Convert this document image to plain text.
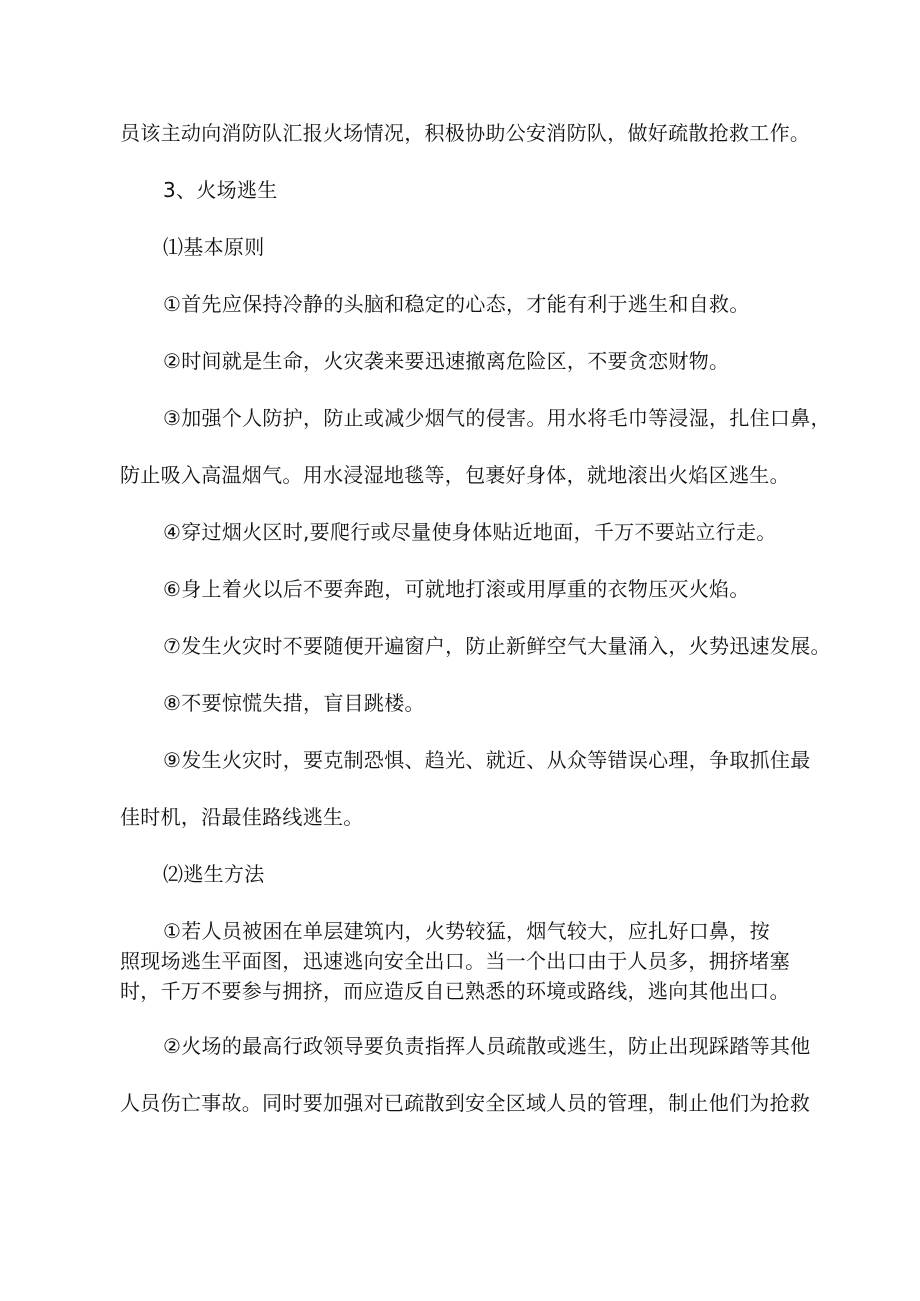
员该主动向消防队汇报火场情况，积极协助公安消防队，做好疏散抢救工作。
3、火场逃生
⑴基本原则
①首先应保持冷静的头脑和稳定的心态，才能有利于逃生和自救。
②时间就是生命，火灾袭来要迅速撤离危险区，不要贪恋财物。
③加强个人防护，防止或减少烟气的侵害。用水将毛巾等浸湿，扎住口鼻，
防止吸入高温烟气。用水浸湿地毯等，包裹好身体，就地滚出火焰区逃生。
④穿过烟火区时,要爬行或尽量使身体贴近地面，千万不要站立行走。
⑥身上着火以后不要奔跑，可就地打滚或用厚重的衣物压灭火焰。
⑦发生火灾时不要随便开遍窗户，防止新鲜空气大量涌入，火势迅速发展。
⑧不要惊慌失措，盲目跳楼。
⑨发生火灾时，要克制恐惧、趋光、就近、从众等错误心理，争取抓住最
佳时机，沿最佳路线逃生。
⑵逃生方法
①若人员被困在单层建筑内，火势较猛，烟气较大，应扎好口鼻，按
照现场逃生平面图，迅速逃向安全出口。当一个出口由于人员多，拥挤堵塞
时，千万不要参与拥挤，而应造反自已熟悉的环境或路线，逃向其他出口。
②火场的最高行政领导要负责指挥人员疏散或逃生，防止出现踩踏等其他
人员伤亡事故。同时要加强对已疏散到安全区域人员的管理，制止他们为抢救
